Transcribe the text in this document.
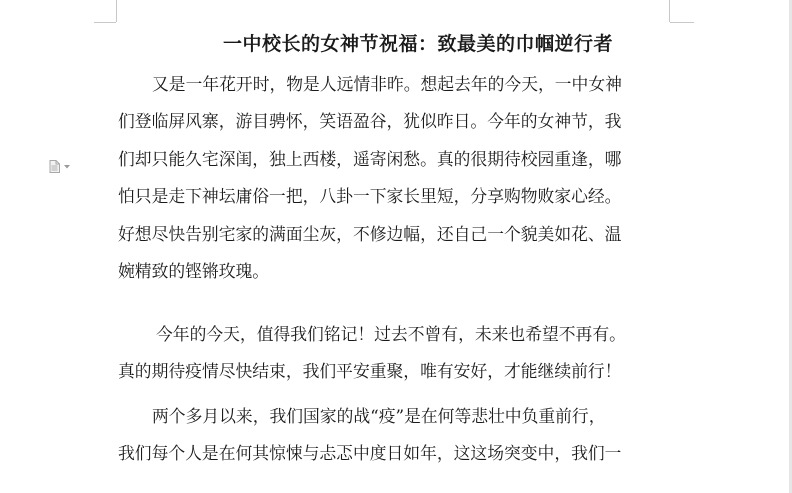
一中校长的女神节祝福：致最美的巾帼逆行者
又是一年花开时，物是人远情非昨。想起去年的今天，一中女神
们登临屏风寨，游目骋怀，笑语盈谷，犹似昨日。今年的女神节，我
们却只能久宅深闺，独上西楼，遥寄闲愁。真的很期待校园重逢，哪
怕只是走下神坛庸俗一把，八卦一下家长里短，分享购物败家心经。
好想尽快告别宅家的满面尘灰，不修边幅，还自己一个貌美如花、温
婉精致的铿锵玫瑰。
今年的今天，值得我们铭记！过去不曾有，未来也希望不再有。
真的期待疫情尽快结束，我们平安重聚，唯有安好，才能继续前行！
两个多月以来，我们国家的战“疫”是在何等悲壮中负重前行，
我们每个人是在何其惊悚与忐忑中度日如年，这这场突变中，我们一
